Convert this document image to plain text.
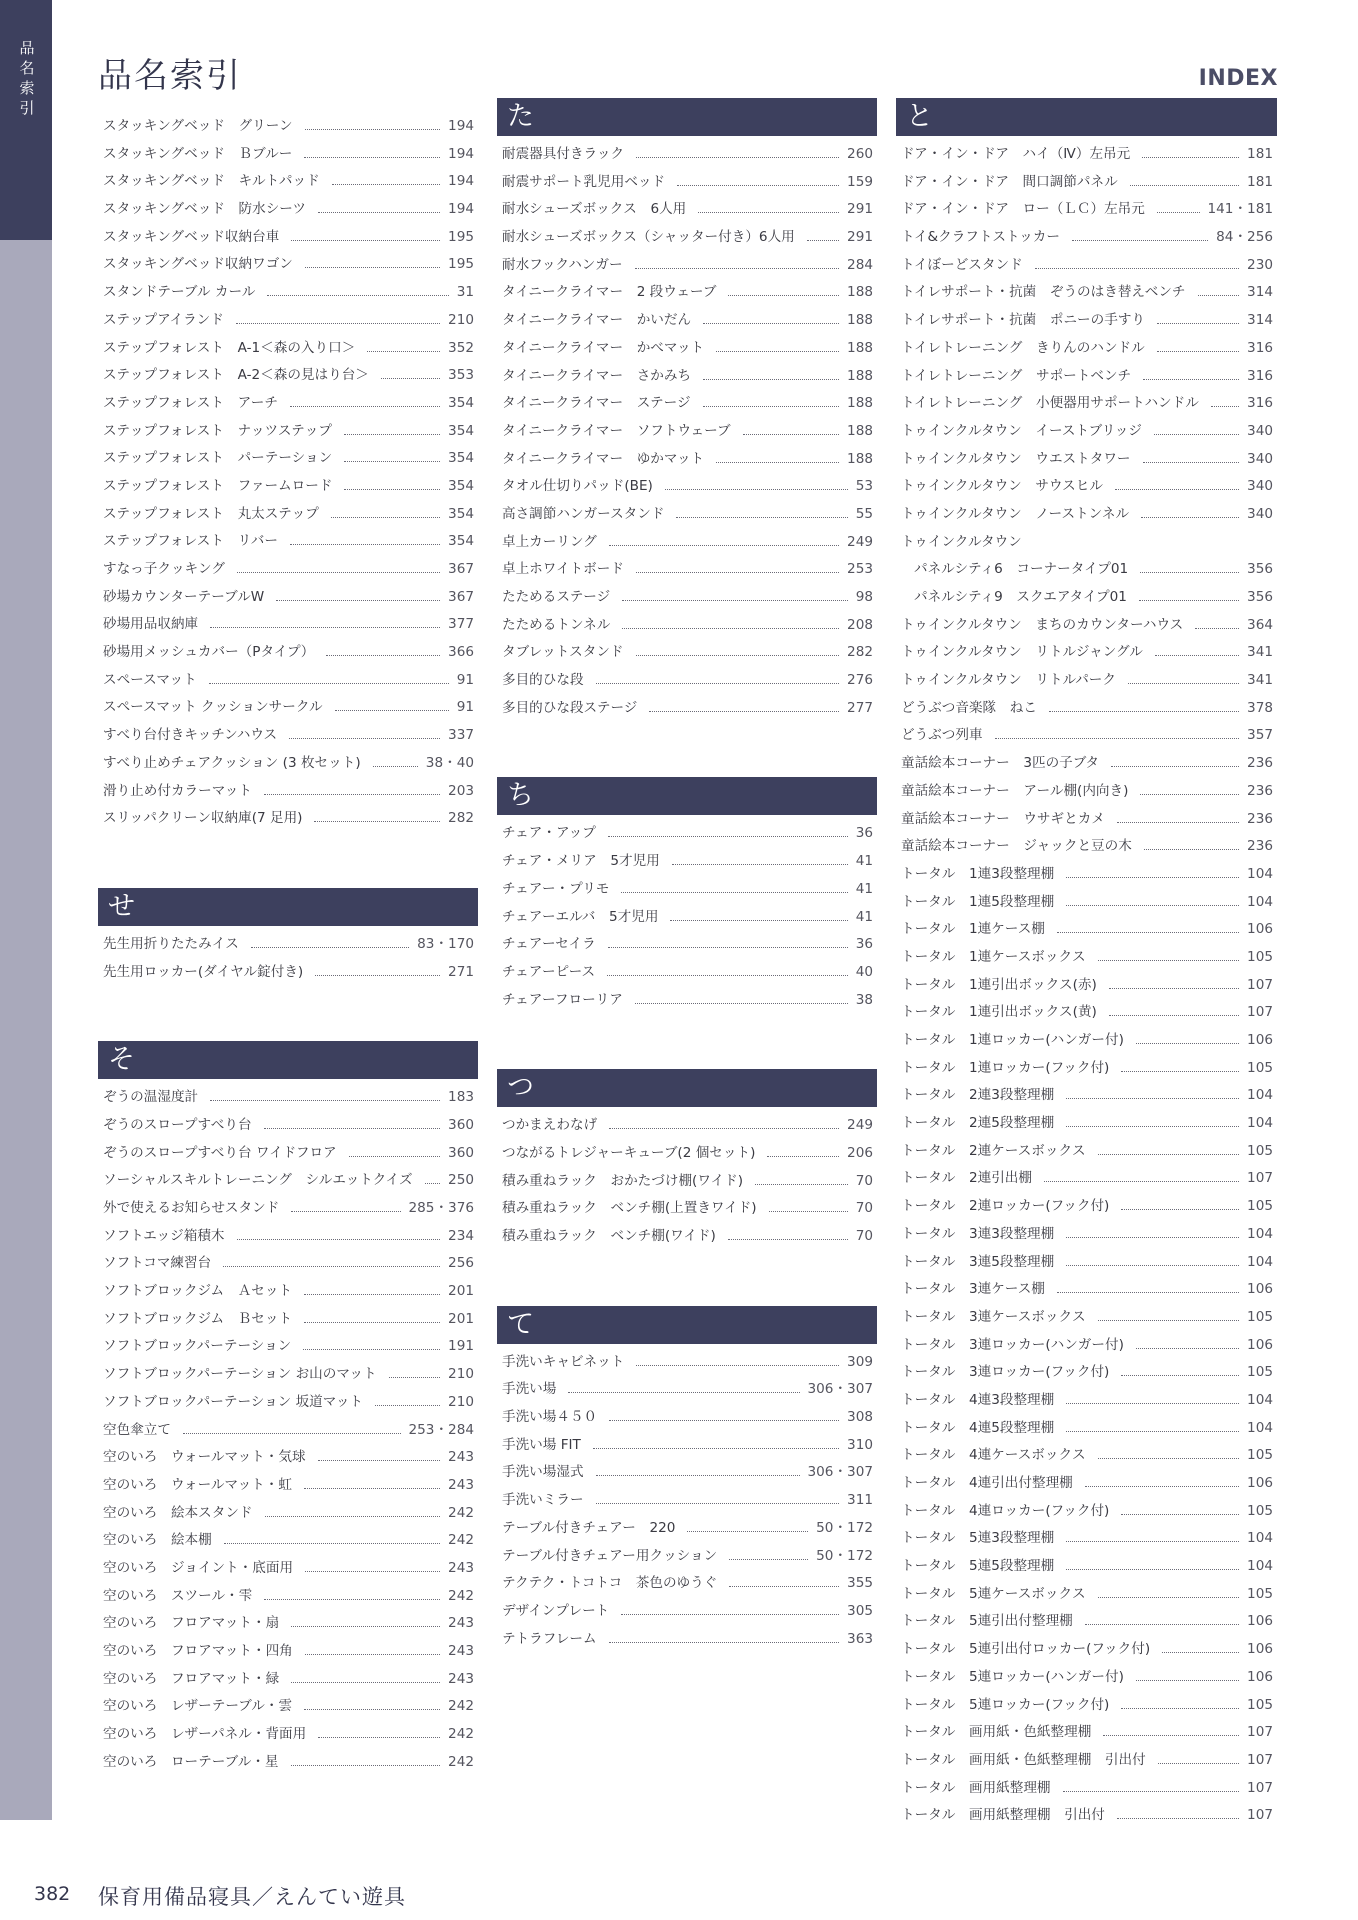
品名索引
品名索引	INDEX
スタッキングベッド　グリーン	194
スタッキングベッド　Ｂブルー	194
スタッキングベッド　キルトパッド	194
スタッキングベッド　防水シーツ	194
スタッキングベッド収納台車	195
スタッキングベッド収納ワゴン	195
スタンドテーブル カール	31
ステップアイランド	210
ステップフォレスト　A-1＜森の入り口＞	352
ステップフォレスト　A-2＜森の見はり台＞	353
ステップフォレスト　アーチ	354
ステップフォレスト　ナッツステップ	354
ステップフォレスト　パーテーション	354
ステップフォレスト　ファームロード	354
ステップフォレスト　丸太ステップ	354
ステップフォレスト　リバー	354
すなっ子クッキング	367
砂場カウンターテーブルW	367
砂場用品収納庫	377
砂場用メッシュカバー（Pタイプ）	366
スペースマット	91
スペースマット クッションサークル	91
すべり台付きキッチンハウス	337
すべり止めチェアクッション (3 枚セット)	38・40
滑り止め付カラーマット	203
スリッパクリーン収納庫(7 足用)	282
せ
先生用折りたたみイス	83・170
先生用ロッカー(ダイヤル錠付き)	271
そ
ぞうの温湿度計	183
ぞうのスロープすべり台	360
ぞうのスロープすべり台 ワイドフロア	360
ソーシャルスキルトレーニング　シルエットクイズ	250
外で使えるお知らせスタンド	285・376
ソフトエッジ箱積木	234
ソフトコマ練習台	256
ソフトブロックジム　Ａセット	201
ソフトブロックジム　Ｂセット	201
ソフトブロックパーテーション	191
ソフトブロックパーテーション お山のマット	210
ソフトブロックパーテーション 坂道マット	210
空色傘立て	253・284
空のいろ　ウォールマット・気球	243
空のいろ　ウォールマット・虹	243
空のいろ　絵本スタンド	242
空のいろ　絵本棚	242
空のいろ　ジョイント・底面用	243
空のいろ　スツール・雫	242
空のいろ　フロアマット・扇	243
空のいろ　フロアマット・四角	243
空のいろ　フロアマット・緑	243
空のいろ　レザーテーブル・雲	242
空のいろ　レザーパネル・背面用	242
空のいろ　ローテーブル・星	242
た
耐震器具付きラック	260
耐震サポート乳児用ベッド	159
耐水シューズボックス　6人用	291
耐水シューズボックス（シャッター付き）6人用	291
耐水フックハンガー	284
タイニークライマー　2 段ウェーブ	188
タイニークライマー　かいだん	188
タイニークライマー　かべマット	188
タイニークライマー　さかみち	188
タイニークライマー　ステージ	188
タイニークライマー　ソフトウェーブ	188
タイニークライマー　ゆかマット	188
タオル仕切りパッド(BE)	53
高さ調節ハンガースタンド	55
卓上カーリング	249
卓上ホワイトボード	253
たためるステージ	98
たためるトンネル	208
タブレットスタンド	282
多目的ひな段	276
多目的ひな段ステージ	277
ち
チェア・アップ	36
チェア・メリア　5才児用	41
チェアー・プリモ	41
チェアーエルバ　5才児用	41
チェアーセイラ	36
チェアーピース	40
チェアーフローリア	38
つ
つかまえわなげ	249
つながるトレジャーキューブ(2 個セット)	206
積み重ねラック　おかたづけ棚(ワイド)	70
積み重ねラック　ベンチ棚(上置きワイド)	70
積み重ねラック　ベンチ棚(ワイド)	70
て
手洗いキャビネット	309
手洗い場	306・307
手洗い場４５０	308
手洗い場 FIT	310
手洗い場湿式	306・307
手洗いミラー	311
テーブル付きチェアー　220	50・172
テーブル付きチェアー用クッション	50・172
テクテク・トコトコ　茶色のゆうぐ	355
デザインプレート	305
テトラフレーム	363
と
ドア・イン・ドア　ハイ（Ⅳ）左吊元	181
ドア・イン・ドア　間口調節パネル	181
ドア・イン・ドア　ロー（ＬＣ）左吊元	141・181
トイ&クラフトストッカー	84・256
トイぼーどスタンド	230
トイレサポート・抗菌　ぞうのはき替えベンチ	314
トイレサポート・抗菌　ポニーの手すり	314
トイレトレーニング　きりんのハンドル	316
トイレトレーニング　サポートベンチ	316
トイレトレーニング　小便器用サポートハンドル	316
トゥインクルタウン　イーストブリッジ	340
トゥインクルタウン　ウエストタワー	340
トゥインクルタウン　サウスヒル	340
トゥインクルタウン　ノーストンネル	340
トゥインクルタウン
パネルシティ6　コーナータイプ01	356
パネルシティ9　スクエアタイプ01	356
トゥインクルタウン　まちのカウンターハウス	364
トゥインクルタウン　リトルジャングル	341
トゥインクルタウン　リトルパーク	341
どうぶつ音楽隊　ねこ	378
どうぶつ列車	357
童話絵本コーナー　3匹の子ブタ	236
童話絵本コーナー　アール棚(内向き)	236
童話絵本コーナー　ウサギとカメ	236
童話絵本コーナー　ジャックと豆の木	236
トータル　1連3段整理棚	104
トータル　1連5段整理棚	104
トータル　1連ケース棚	106
トータル　1連ケースボックス	105
トータル　1連引出ボックス(赤)	107
トータル　1連引出ボックス(黄)	107
トータル　1連ロッカー(ハンガー付)	106
トータル　1連ロッカー(フック付)	105
トータル　2連3段整理棚	104
トータル　2連5段整理棚	104
トータル　2連ケースボックス	105
トータル　2連引出棚	107
トータル　2連ロッカー(フック付)	105
トータル　3連3段整理棚	104
トータル　3連5段整理棚	104
トータル　3連ケース棚	106
トータル　3連ケースボックス	105
トータル　3連ロッカー(ハンガー付)	106
トータル　3連ロッカー(フック付)	105
トータル　4連3段整理棚	104
トータル　4連5段整理棚	104
トータル　4連ケースボックス	105
トータル　4連引出付整理棚	106
トータル　4連ロッカー(フック付)	105
トータル　5連3段整理棚	104
トータル　5連5段整理棚	104
トータル　5連ケースボックス	105
トータル　5連引出付整理棚	106
トータル　5連引出付ロッカー(フック付)	106
トータル　5連ロッカー(ハンガー付)	106
トータル　5連ロッカー(フック付)	105
トータル　画用紙・色紙整理棚	107
トータル　画用紙・色紙整理棚　引出付	107
トータル　画用紙整理棚	107
トータル　画用紙整理棚　引出付	107
382 保育用備品寝具／えんてい遊具
